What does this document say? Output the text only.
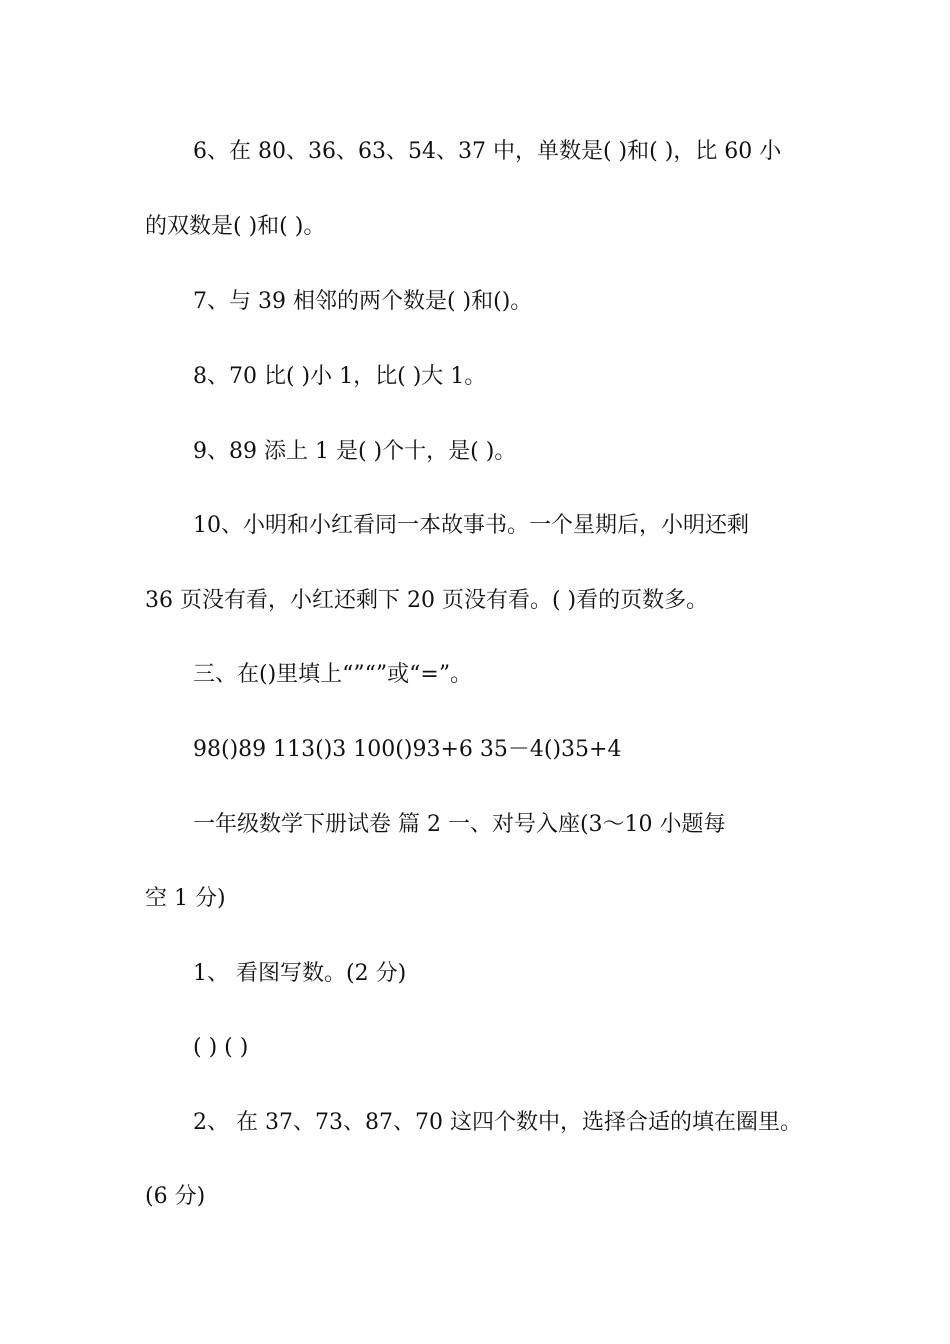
6、在 80、36、63、54、37 中，单数是( )和( )，比 60 小
的双数是( )和( )。
7、与 39 相邻的两个数是( )和()。
8、70 比( )小 1，比( )大 1。
9、89 添上 1 是( )个十，是( )。
10、小明和小红看同一本故事书。一个星期后，小明还剩
36 页没有看，小红还剩下 20 页没有看。( )看的页数多。
三、在()里填上“”“”或“=”。
98()89 113()3 100()93+6 35－4()35+4
一年级数学下册试卷 篇 2 一、对号入座(3～10 小题每
空 1 分)
1、 看图写数。(2 分)
( ) ( )
2、 在 37、73、87、70 这四个数中，选择合适的填在圈里。
(6 分)
